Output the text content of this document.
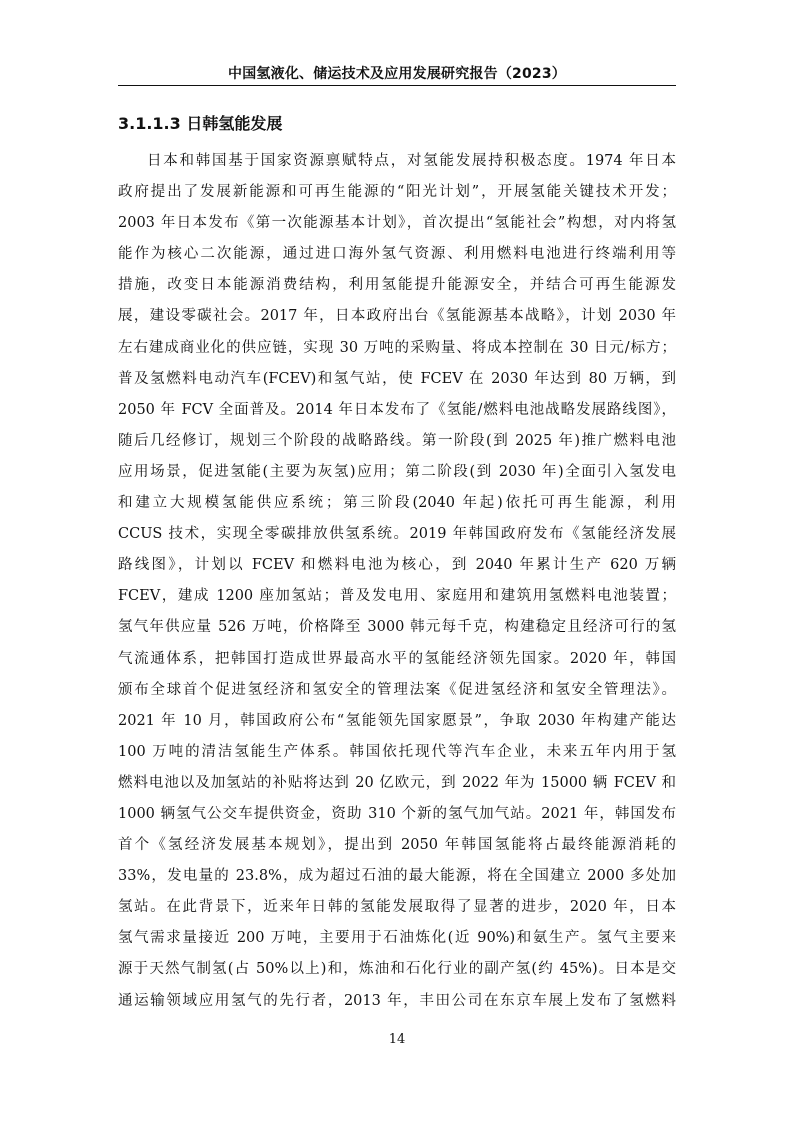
中国氢液化、储运技术及应用发展研究报告（2023）
3.1.1.3 日韩氢能发展
日本和韩国基于国家资源禀赋特点，对氢能发展持积极态度。1974 年日本
政府提出了发展新能源和可再生能源的“阳光计划”，开展氢能关键技术开发；
2003 年日本发布《第一次能源基本计划》，首次提出“氢能社会”构想，对内将氢
能作为核心二次能源，通过进口海外氢气资源、利用燃料电池进行终端利用等
措施，改变日本能源消费结构，利用氢能提升能源安全，并结合可再生能源发
展，建设零碳社会。2017 年，日本政府出台《氢能源基本战略》，计划 2030 年
左右建成商业化的供应链，实现 30 万吨的采购量、将成本控制在 30 日元/标方；
普及氢燃料电动汽车(FCEV)和氢气站，使 FCEV 在 2030 年达到 80 万辆，到
2050 年 FCV 全面普及。2014 年日本发布了《氢能/燃料电池战略发展路线图》，
随后几经修订，规划三个阶段的战略路线。第一阶段(到 2025 年)推广燃料电池
应用场景，促进氢能(主要为灰氢)应用；第二阶段(到 2030 年)全面引入氢发电
和建立大规模氢能供应系统；第三阶段(2040 年起)依托可再生能源，利用
CCUS 技术，实现全零碳排放供氢系统。2019 年韩国政府发布《氢能经济发展
路线图》，计划以 FCEV 和燃料电池为核心，到 2040 年累计生产 620 万辆
FCEV，建成 1200 座加氢站；普及发电用、家庭用和建筑用氢燃料电池装置；
氢气年供应量 526 万吨，价格降至 3000 韩元每千克，构建稳定且经济可行的氢
气流通体系，把韩国打造成世界最高水平的氢能经济领先国家。2020 年，韩国
颁布全球首个促进氢经济和氢安全的管理法案《促进氢经济和氢安全管理法》。
2021 年 10 月，韩国政府公布“氢能领先国家愿景”，争取 2030 年构建产能达
100 万吨的清洁氢能生产体系。韩国依托现代等汽车企业，未来五年内用于氢
燃料电池以及加氢站的补贴将达到 20 亿欧元，到 2022 年为 15000 辆 FCEV 和
1000 辆氢气公交车提供资金，资助 310 个新的氢气加气站。2021 年，韩国发布
首个《氢经济发展基本规划》，提出到 2050 年韩国氢能将占最终能源消耗的
33%，发电量的 23.8%，成为超过石油的最大能源，将在全国建立 2000 多处加
氢站。在此背景下，近来年日韩的氢能发展取得了显著的进步，2020 年，日本
氢气需求量接近 200 万吨，主要用于石油炼化(近 90%)和氨生产。氢气主要来
源于天然气制氢(占 50%以上)和，炼油和石化行业的副产氢(约 45%)。日本是交
通运输领域应用氢气的先行者，2013 年，丰田公司在东京车展上发布了氢燃料
14
